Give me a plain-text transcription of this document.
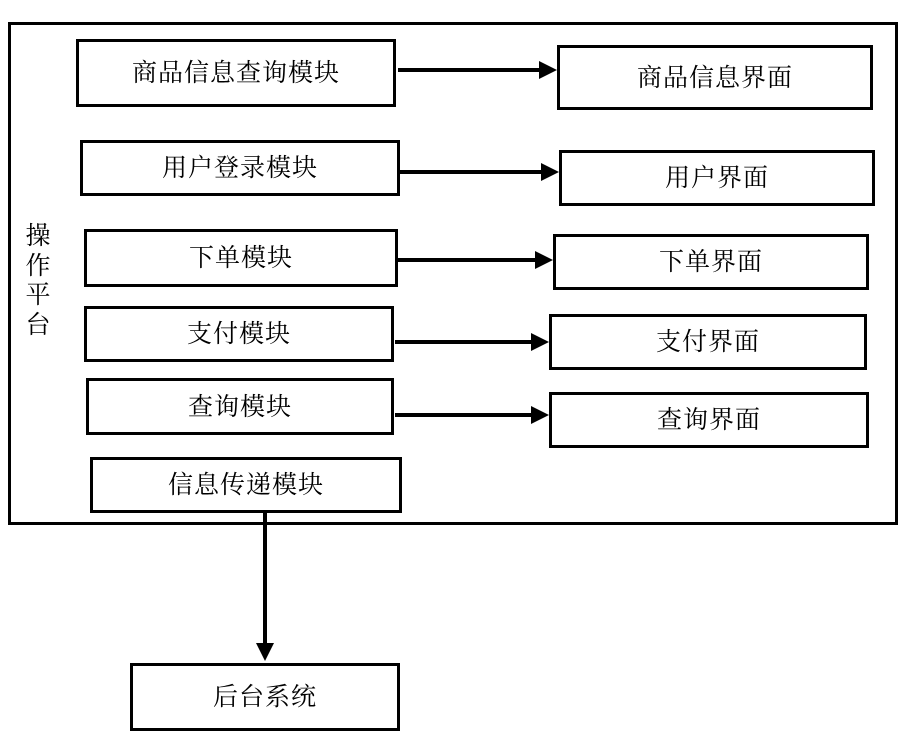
操
作
平
台
商品信息查询模块
用户登录模块
下单模块
支付模块
查询模块
信息传递模块
商品信息界面
用户界面
下单界面
支付界面
查询界面
后台系统
